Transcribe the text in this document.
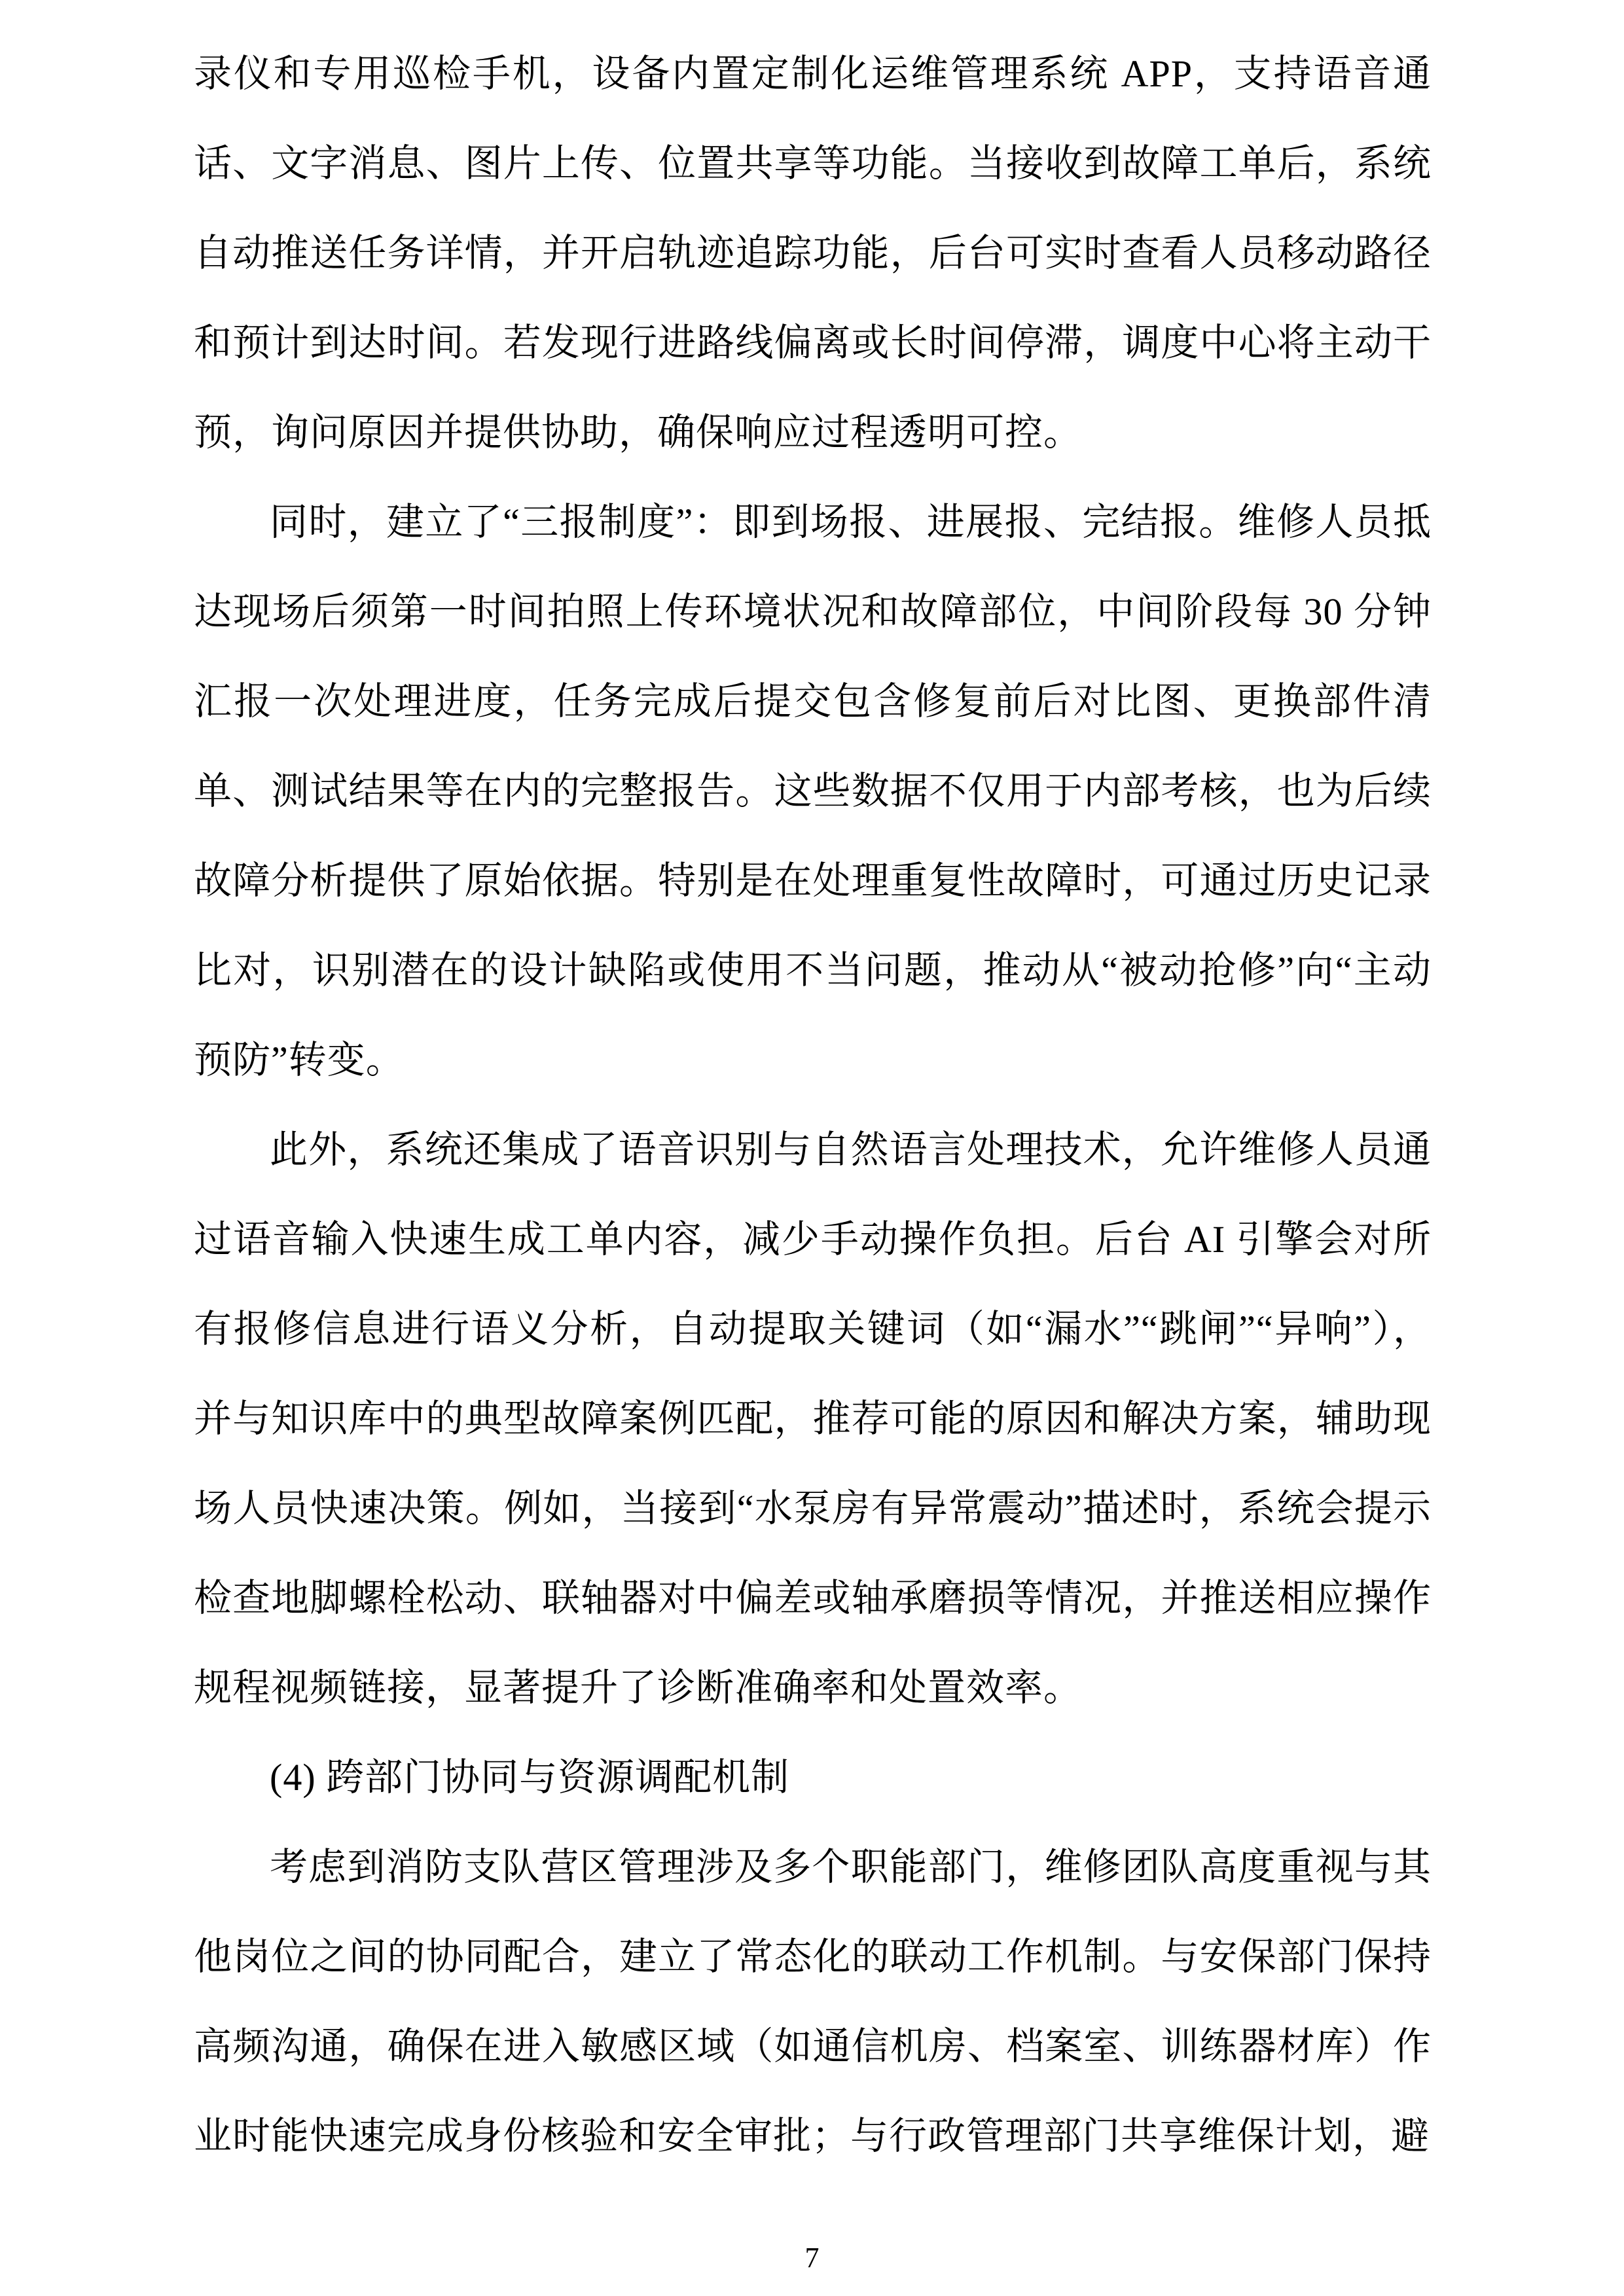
录仪和专用巡检手机，设备内置定制化运维管理系统 APP，支持语音通话、文字消息、图片上传、位置共享等功能。当接收到故障工单后，系统自动推送任务详情，并开启轨迹追踪功能，后台可实时查看人员移动路径和预计到达时间。若发现行进路线偏离或长时间停滞，调度中心将主动干预，询问原因并提供协助，确保响应过程透明可控。

同时，建立了“三报制度”：即到场报、进展报、完结报。维修人员抵达现场后须第一时间拍照上传环境状况和故障部位，中间阶段每 30 分钟汇报一次处理进度，任务完成后提交包含修复前后对比图、更换部件清单、测试结果等在内的完整报告。这些数据不仅用于内部考核，也为后续故障分析提供了原始依据。特别是在处理重复性故障时，可通过历史记录比对，识别潜在的设计缺陷或使用不当问题，推动从“被动抢修”向“主动预防”转变。

此外，系统还集成了语音识别与自然语言处理技术，允许维修人员通过语音输入快速生成工单内容，减少手动操作负担。后台 AI 引擎会对所有报修信息进行语义分析，自动提取关键词（如“漏水”“跳闸”“异响”），并与知识库中的典型故障案例匹配，推荐可能的原因和解决方案，辅助现场人员快速决策。例如，当接到“水泵房有异常震动”描述时，系统会提示检查地脚螺栓松动、联轴器对中偏差或轴承磨损等情况，并推送相应操作规程视频链接，显著提升了诊断准确率和处置效率。

(4) 跨部门协同与资源调配机制

考虑到消防支队营区管理涉及多个职能部门，维修团队高度重视与其他岗位之间的协同配合，建立了常态化的联动工作机制。与安保部门保持高频沟通，确保在进入敏感区域（如通信机房、档案室、训练器材库）作业时能快速完成身份核验和安全审批；与行政管理部门共享维保计划，避

7
